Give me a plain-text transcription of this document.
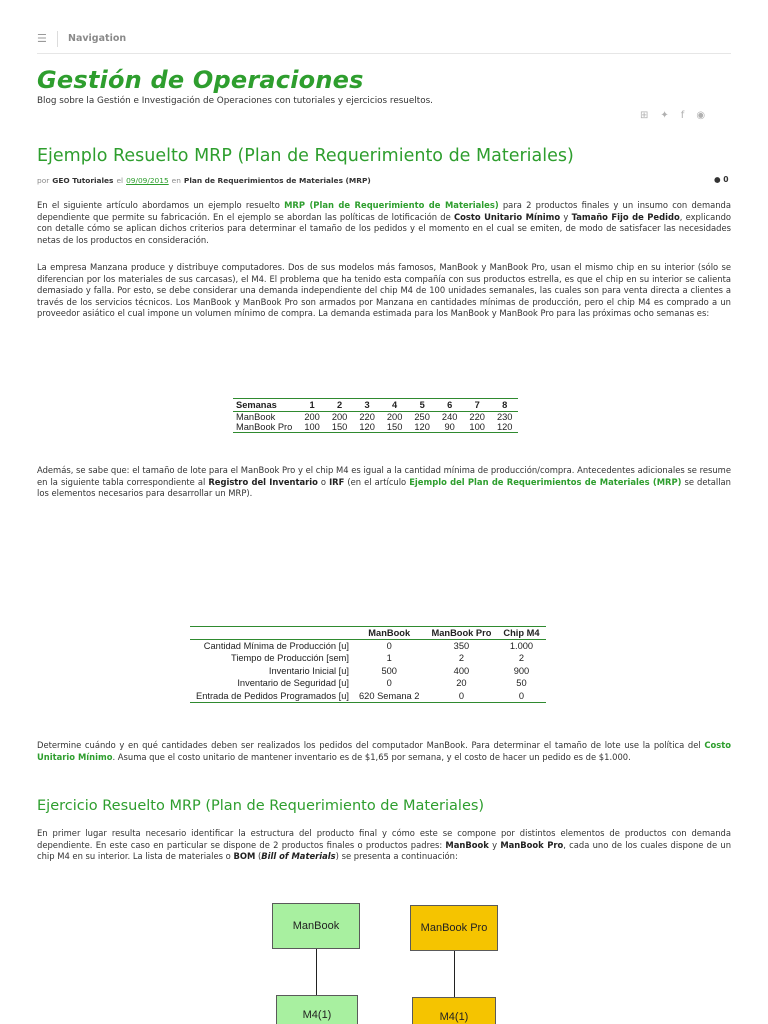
☰	Navigation
Gestión de Operaciones
Blog sobre la Gestión e Investigación de Operaciones con tutoriales y ejercicios resueltos.
⊞ ✦ f ◉
Ejemplo Resuelto MRP (Plan de Requerimiento de Materiales)
por GEO Tutoriales el 09/09/2015 en Plan de Requerimientos de Materiales (MRP)	● 0
En el siguiente artículo abordamos un ejemplo resuelto MRP (Plan de Requerimiento de Materiales) para 2 productos finales y un insumo con demanda dependiente que permite su fabricación. En el ejemplo se abordan las políticas de lotificación de Costo Unitario Mínimo y Tamaño Fijo de Pedido, explicando con detalle cómo se aplican dichos criterios para determinar el tamaño de los pedidos y el momento en el cual se emiten, de modo de satisfacer las necesidades netas de los productos en consideración.
La empresa Manzana produce y distribuye computadores. Dos de sus modelos más famosos, ManBook y ManBook Pro, usan el mismo chip en su interior (sólo se diferencian por los materiales de sus carcasas), el M4. El problema que ha tenido esta compañía con sus productos estrella, es que el chip en su interior se calienta demasiado y falla. Por esto, se debe considerar una demanda independiente del chip M4 de 100 unidades semanales, las cuales son para venta directa a clientes a través de los servicios técnicos. Los ManBook y ManBook Pro son armados por Manzana en cantidades mínimas de producción, pero el chip M4 es comprado a un proveedor asiático el cual impone un volumen mínimo de compra. La demanda estimada para los ManBook y ManBook Pro para las próximas ocho semanas es:
Semanas	1	2	3	4	5	6	7	8
ManBook	200	200	220	200	250	240	220	230
ManBook Pro	100	150	120	150	120	90	100	120
Además, se sabe que: el tamaño de lote para el ManBook Pro y el chip M4 es igual a la cantidad mínima de producción/compra. Antecedentes adicionales se resume en la siguiente tabla correspondiente al Registro del Inventario o IRF (en el artículo Ejemplo del Plan de Requerimientos de Materiales (MRP) se detallan los elementos necesarios para desarrollar un MRP).
	ManBook	ManBook Pro	Chip M4
Cantidad Mínima de Producción [u]	0	350	1.000
Tiempo de Producción [sem]	1	2	2
Inventario Inicial [u]	500	400	900
Inventario de Seguridad [u]	0	20	50
Entrada de Pedidos Programados [u]	620 Semana 2	0	0
Determine cuándo y en qué cantidades deben ser realizados los pedidos del computador ManBook. Para determinar el tamaño de lote use la política del Costo Unitario Mínimo. Asuma que el costo unitario de mantener inventario es de $1,65 por semana, y el costo de hacer un pedido es de $1.000.
Ejercicio Resuelto MRP (Plan de Requerimiento de Materiales)
En primer lugar resulta necesario identificar la estructura del producto final y cómo este se compone por distintos elementos de productos con demanda dependiente. En este caso en particular se dispone de 2 productos finales o productos padres: ManBook y ManBook Pro, cada uno de los cuales dispone de un chip M4 en su interior. La lista de materiales o BOM (Bill of Materials) se presenta a continuación:
ManBook	ManBook Pro
M4(1)	M4(1)
